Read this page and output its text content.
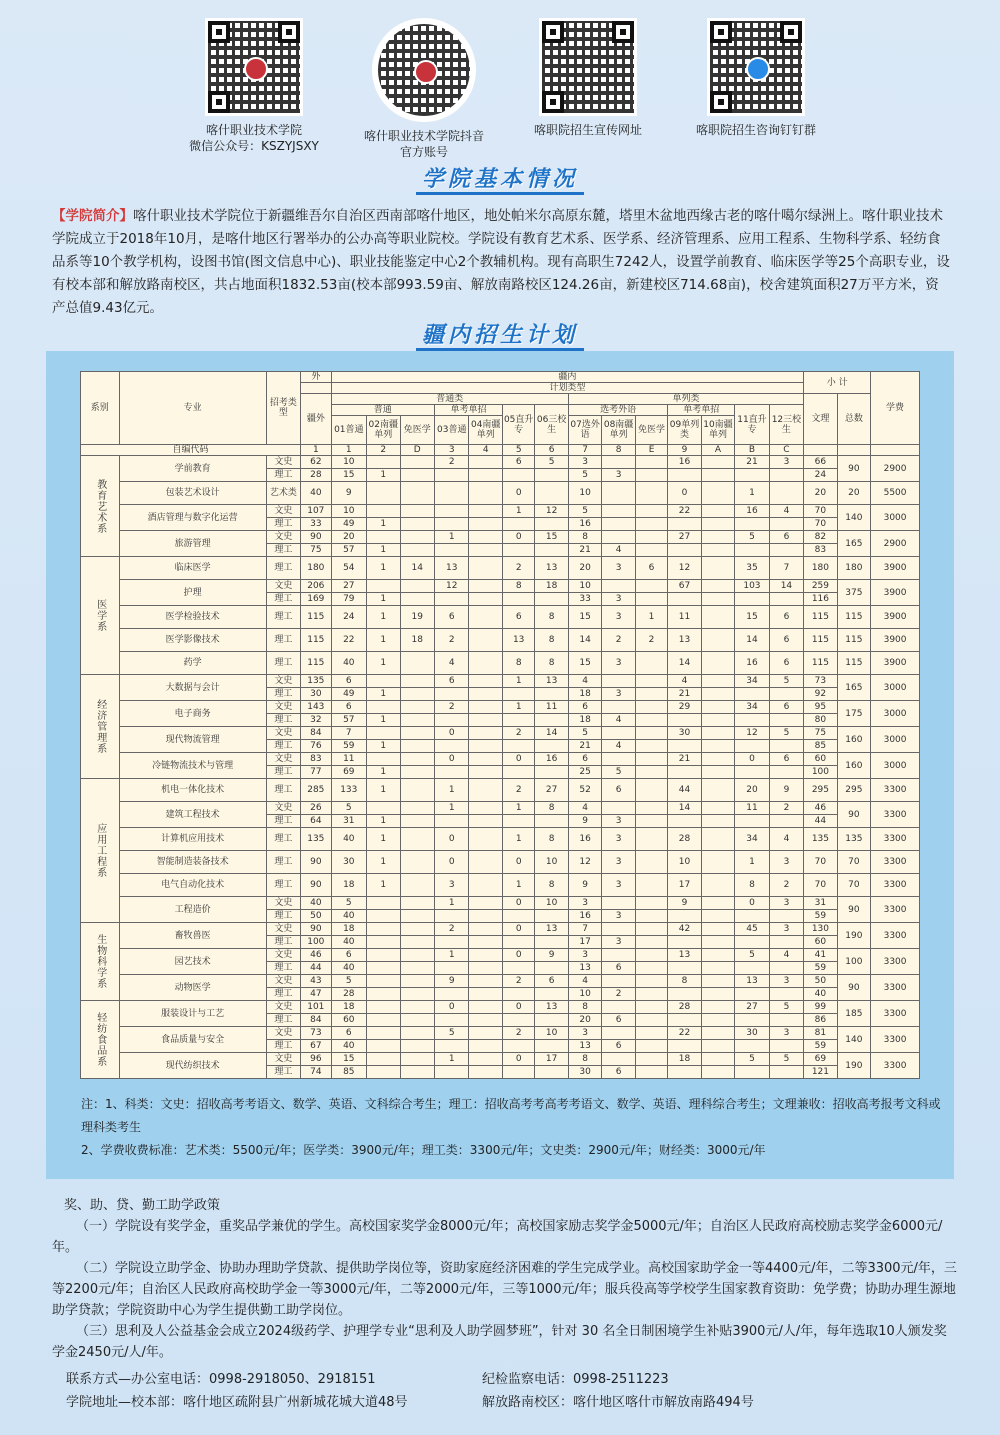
喀什职业技术学院
微信公众号：KSZYJSXY
喀什职业技术学院抖音
官方账号
喀职院招生宣传网址	喀职院招生咨询钉钉群
学院基本情况
【学院简介】喀什职业技术学院位于新疆维吾尔自治区西南部喀什地区，地处帕米尔高原东麓，塔里木盆地西缘古老的喀什噶尔绿洲上。喀什职业技术学院成立于2018年10月，是喀什地区行署举办的公办高等职业院校。学院设有教育艺术系、医学系、经济管理系、应用工程系、生物科学系、轻纺食品系等10个教学机构，设图书馆(图文信息中心)、职业技能鉴定中心2个教辅机构。现有高职生7242人，设置学前教育、临床医学等25个高职专业，设有校本部和解放路南校区，共占地面积1832.53亩(校本部993.59亩、解放南路校区124.26亩，新建校区714.68亩)，校舍建筑面积27万平方米，资产总值9.43亿元。
疆内招生计划
系别	专业	招考类型	外	疆内														小 计		学费
				计划类型																
			疆外	普通类							单列类							文理	总数	
				普通			单考单招		05直升专	06三校生	选考外语			单考单招		11直升专	12三校生			
				01普通	02南疆单列	免医学	03普通	04南疆单列			07选外语	08南疆单列	免医学	09单列类	10南疆单列					
自编代码			1	1	2	D	3	4	5	6	7	8	E	9	A	B	C			
教育艺术系	学前教育	文史	62	10			2		6	5	3			16		21	3	66	90	2900
		理工	28	15	1						5	3						24		
	包装艺术设计	艺术类	40	9					0		10			0		1		20	20	5500
	酒店管理与数字化运营	文史	107	10					1	12	5			22		16	4	70	140	3000
		理工	33	49	1						16							70		
	旅游管理	文史	90	20			1		0	15	8			27		5	6	82	165	2900
		理工	75	57	1						21	4						83		
医学系	临床医学	理工	180	54	1	14	13		2	13	20	3	6	12		35	7	180	180	3900
	护理	文史	206	27			12		8	18	10			67		103	14	259	375	3900
		理工	169	79	1						33	3						116		
	医学检验技术	理工	115	24	1	19	6		6	8	15	3	1	11		15	6	115	115	3900
	医学影像技术	理工	115	22	1	18	2		13	8	14	2	2	13		14	6	115	115	3900
	药学	理工	115	40	1		4		8	8	15	3		14		16	6	115	115	3900
经济管理系	大数据与会计	文史	135	6			6		1	13	4			4		34	5	73	165	3000
		理工	30	49	1						18	3		21				92		
	电子商务	文史	143	6			2		1	11	6			29		34	6	95	175	3000
		理工	32	57	1						18	4						80		
	现代物流管理	文史	84	7			0		2	14	5			30		12	5	75	160	3000
		理工	76	59	1						21	4						85		
	冷链物流技术与管理	文史	83	11			0		0	16	6			21		0	6	60	160	3000
		理工	77	69	1						25	5						100		
应用工程系	机电一体化技术	理工	285	133	1		1		2	27	52	6		44		20	9	295	295	3300
	建筑工程技术	文史	26	5			1		1	8	4			14		11	2	46	90	3300
		理工	64	31	1						9	3						44		
	计算机应用技术	理工	135	40	1		0		1	8	16	3		28		34	4	135	135	3300
	智能制造装备技术	理工	90	30	1		0		0	10	12	3		10		1	3	70	70	3300
	电气自动化技术	理工	90	18	1		3		1	8	9	3		17		8	2	70	70	3300
	工程造价	文史	40	5			1		0	10	3			9		0	3	31	90	3300
		理工	50	40							16	3						59		
生物科学系	畜牧兽医	文史	90	18			2		0	13	7			42		45	3	130	190	3300
		理工	100	40							17	3						60		
	园艺技术	文史	46	6			1		0	9	3			13		5	4	41	100	3300
		理工	44	40							13	6						59		
	动物医学	文史	43	5			9		2	6	4			8		13	3	50	90	3300
		理工	47	28							10	2						40		
轻纺食品系	服装设计与工艺	文史	101	18			0		0	13	8			28		27	5	99	185	3300
		理工	84	60							20	6						86		
	食品质量与安全	文史	73	6			5		2	10	3			22		30	3	81	140	3300
		理工	67	40							13	6						59		
	现代纺织技术	文史	96	15			1		0	17	8			18		5	5	69	190	3300
		理工	74	85							30	6						121		
注：1、科类：文史：招收高考考语文、数学、英语、文科综合考生；理工：招收高考考高考考语文、数学、英语、理科综合考生；文理兼收：招收高考报考文科或理科类考生
2、学费收费标准：艺术类：5500元/年；医学类：3900元/年；理工类：3300元/年；文史类：2900元/年；财经类：3000元/年

奖、助、贷、勤工助学政策

（一）学院设有奖学金，重奖品学兼优的学生。高校国家奖学金8000元/年；高校国家励志奖学金5000元/年；自治区人民政府高校励志奖学金6000元/年。

（二）学院设立助学金、协助办理助学贷款、提供助学岗位等，资助家庭经济困难的学生完成学业。高校国家助学金一等4400元/年，二等3300元/年，三等2200元/年；自治区人民政府高校助学金一等3000元/年，二等2000元/年，三等1000元/年；服兵役高等学校学生国家教育资助：免学费；协助办理生源地助学贷款；学院资助中心为学生提供勤工助学岗位。

（三）思利及人公益基金会成立2024级药学、护理学专业“思利及人助学圆梦班”，针对 30 名全日制困境学生补贴3900元/人/年，每年选取10人颁发奖学金2450元/人/年。

联系方式—办公室电话：0998-2918050、2918151	纪检监察电话：0998-2511223
学院地址—校本部：喀什地区疏附县广州新城花城大道48号	解放路南校区：喀什地区喀什市解放南路494号
